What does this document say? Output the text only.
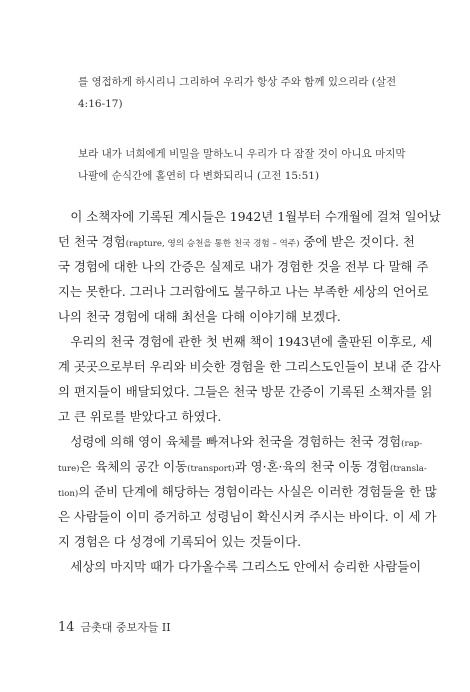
를 영접하게 하시리니 그리하여 우리가 항상 주와 함께 있으리라 (살전

4:16-17)

보라 내가 너희에게 비밀을 말하노니 우리가 다 잠잘 것이 아니요 마지막

나팔에 순식간에 홀연히 다 변화되리니 (고전 15:51)

 이 소책자에 기록된 계시들은 1942년 1월부터 수개월에 걸쳐 일어났

던 천국 경험(rapture, 영의 승천을 통한 천국 경험 – 역주) 중에 받은 것이다. 천

국 경험에 대한 나의 간증은 실제로 내가 경험한 것을 전부 다 말해 주

지는 못한다. 그러나 그러함에도 불구하고 나는 부족한 세상의 언어로

나의 천국 경험에 대해 최선을 다해 이야기해 보겠다.

 우리의 천국 경험에 관한 첫 번째 책이 1943년에 출판된 이후로, 세

계 곳곳으로부터 우리와 비슷한 경험을 한 그리스도인들이 보내 준 감사

의 편지들이 배달되었다. 그들은 천국 방문 간증이 기록된 소책자를 읽

고 큰 위로를 받았다고 하였다.

 성령에 의해 영이 육체를 빠져나와 천국을 경험하는 천국 경험(rap-

ture)은 육체의 공간 이동(transport)과 영·혼·육의 천국 이동 경험(transla-

tion)의 준비 단계에 해당하는 경험이라는 사실은 이러한 경험들을 한 많

은 사람들이 이미 증거하고 성령님이 확신시켜 주시는 바이다. 이 세 가

지 경험은 다 성경에 기록되어 있는 것들이다.

 세상의 마지막 때가 다가올수록 그리스도 안에서 승리한 사람들이

14 금촛대 중보자들 II
